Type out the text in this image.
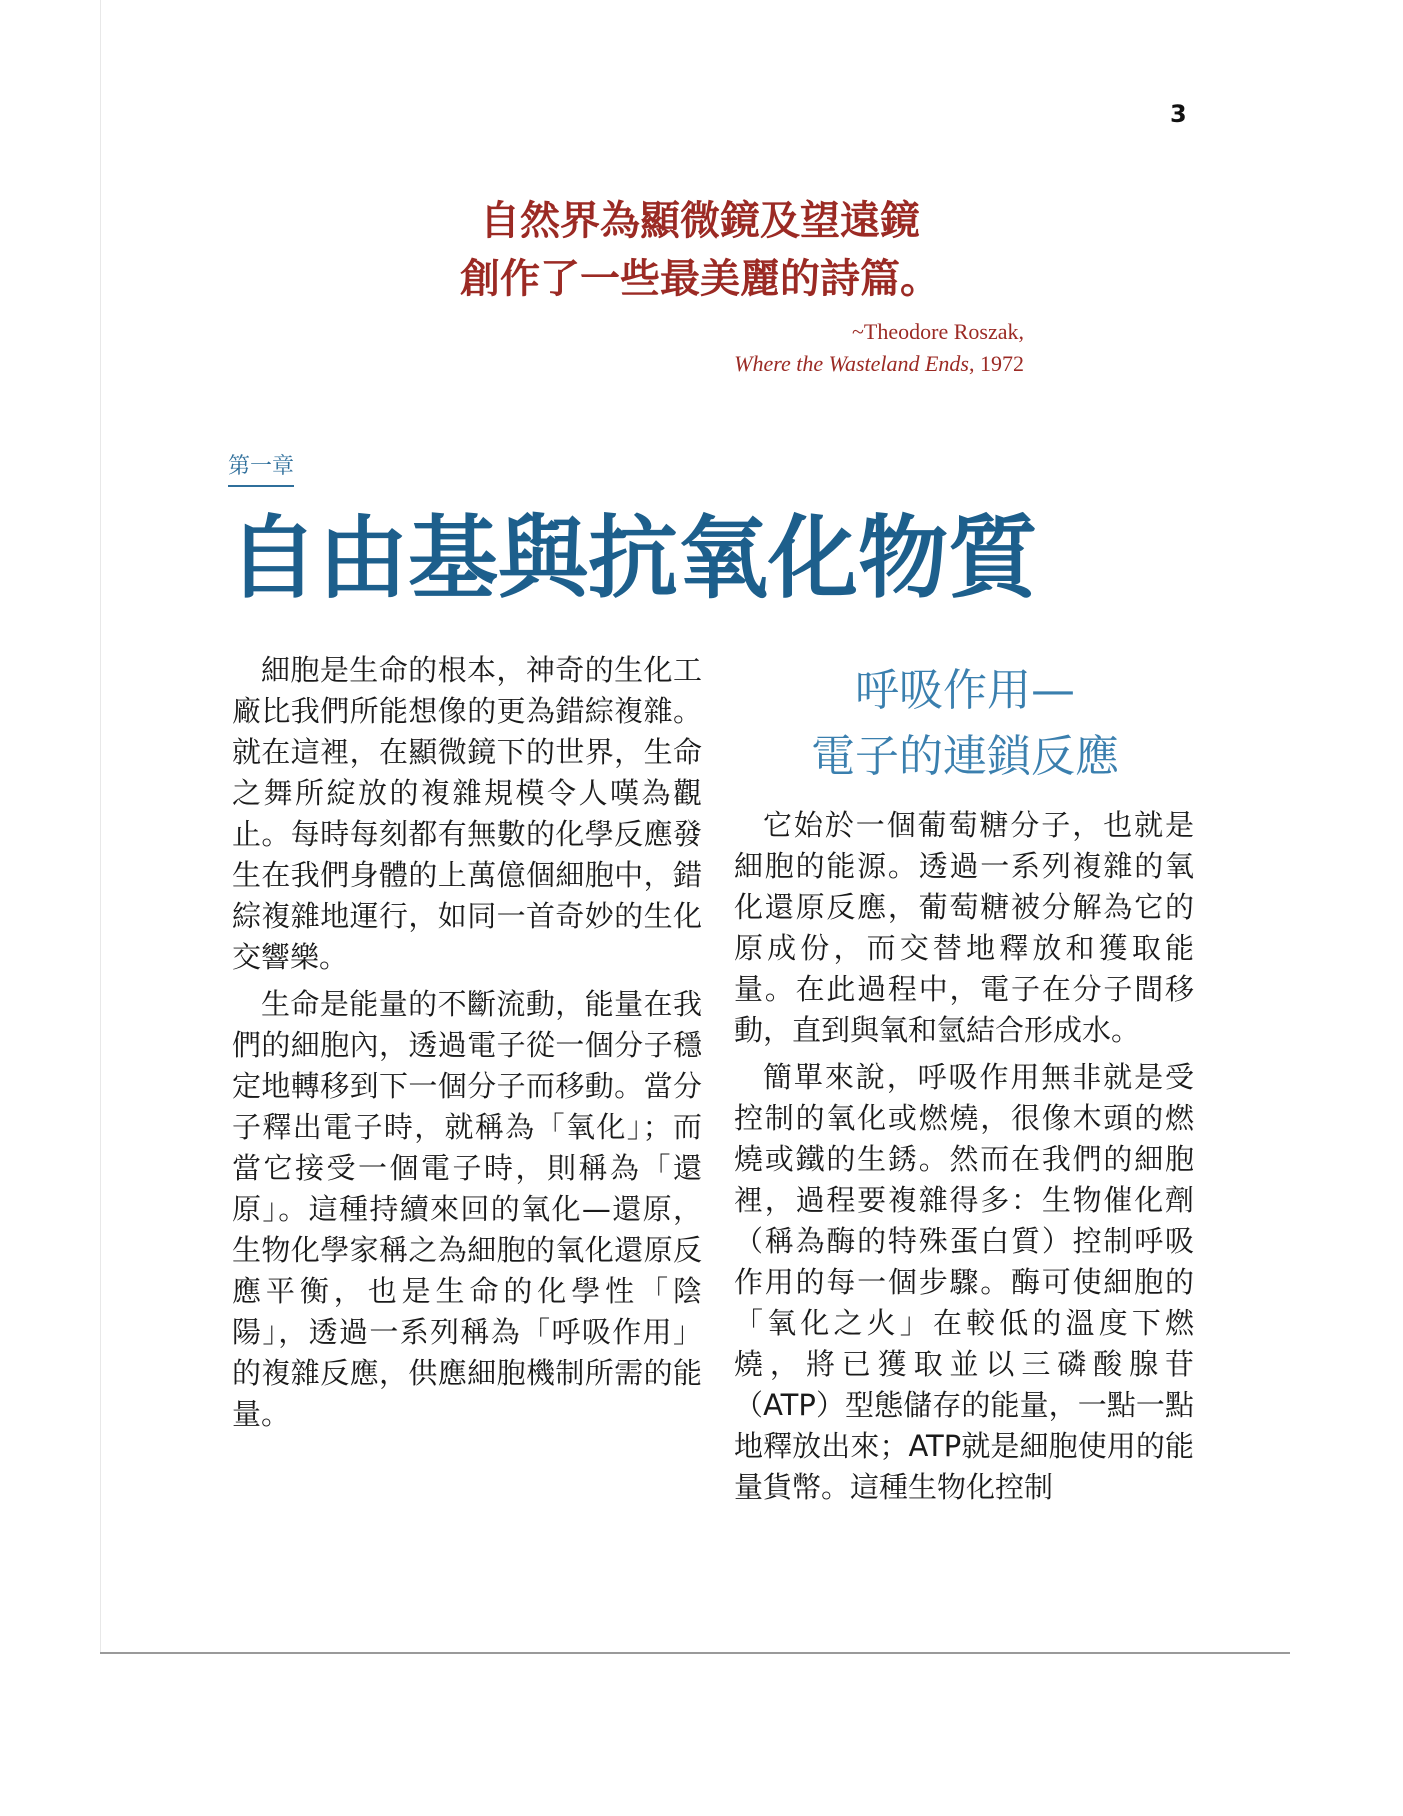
3
自然界為顯微鏡及望遠鏡
創作了一些最美麗的詩篇。
~Theodore Roszak,
Where the Wasteland Ends, 1972
第一章
自由基與抗氧化物質

細胞是生命的根本，神奇的生化工廠比我們所能想像的更為錯綜複雜。就在這裡，在顯微鏡下的世界，生命之舞所綻放的複雜規模令人嘆為觀止。每時每刻都有無數的化學反應發生在我們身體的上萬億個細胞中，錯綜複雜地運行，如同一首奇妙的生化交響樂。

生命是能量的不斷流動，能量在我們的細胞內，透過電子從一個分子穩定地轉移到下一個分子而移動。當分子釋出電子時，就稱為「氧化」；而當它接受一個電子時，則稱為「還原」。這種持續來回的氧化—還原，生物化學家稱之為細胞的氧化還原反應平衡，也是生命的化學性「陰陽」，透過一系列稱為「呼吸作用」的複雜反應，供應細胞機制所需的能量。

呼吸作用—
電子的連鎖反應

它始於一個葡萄糖分子，也就是細胞的能源。透過一系列複雜的氧化還原反應，葡萄糖被分解為它的原成份，而交替地釋放和獲取能量。在此過程中，電子在分子間移動，直到與氧和氫結合形成水。

簡單來說，呼吸作用無非就是受控制的氧化或燃燒，很像木頭的燃燒或鐵的生銹。然而在我們的細胞裡，過程要複雜得多：生物催化劑（稱為酶的特殊蛋白質）控制呼吸作用的每一個步驟。酶可使細胞的「氧化之火」在較低的溫度下燃燒，將已獲取並以三磷酸腺苷（ATP）型態儲存的能量，一點一點地釋放出來；ATP就是細胞使用的能量貨幣。這種生物化控制
